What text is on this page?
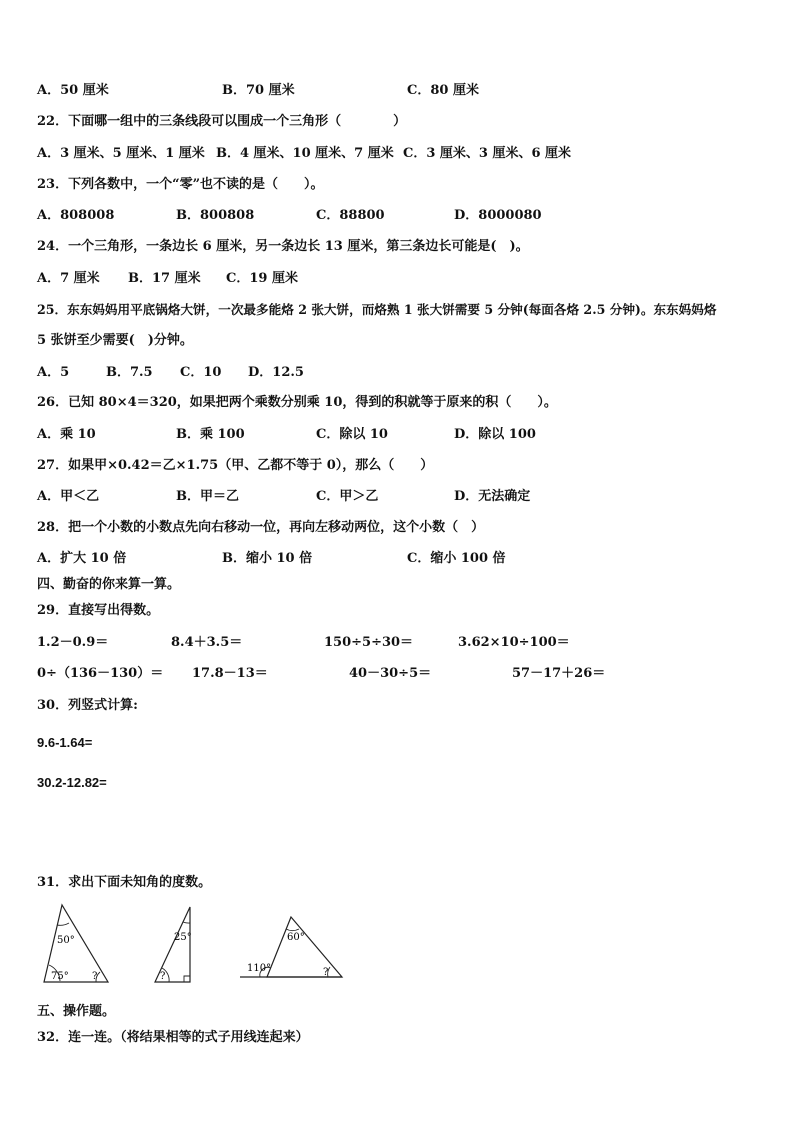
A．50 厘米	B．70 厘米	C．80 厘米
22．下面哪一组中的三条线段可以围成一个三角形（　　　　）
A．3 厘米、5 厘米、1 厘米 B．4 厘米、10 厘米、7 厘米 C．3 厘米、3 厘米、6 厘米
23．下列各数中，一个“零”也不读的是（　　）。
A．808008	B．800808	C．88800	D．8000080
24．一个三角形，一条边长 6 厘米，另一条边长 13 厘米，第三条边长可能是(　)。
A．7 厘米 B．17 厘米 C．19 厘米
25．东东妈妈用平底锅烙大饼，一次最多能烙 2 张大饼，而烙熟 1 张大饼需要 5 分钟(每面各烙 2.5 分钟)。东东妈妈烙
5 张饼至少需要(　)分钟。
A．5	B．7.5 C．10 D．12.5
26．已知 80×4＝320，如果把两个乘数分别乘 10，得到的积就等于原来的积（　　）。
A．乘 10	B．乘 100	C．除以 10	D．除以 100
27．如果甲×0.42＝乙×1.75（甲、乙都不等于 0），那么（　　）
A．甲＜乙	B．甲＝乙	C．甲＞乙	D．无法确定
28．把一个小数的小数点先向右移动一位，再向左移动两位，这个小数（　）
A．扩大 10 倍	B．缩小 10 倍	C．缩小 100 倍
四、勤奋的你来算一算。
29．直接写出得数。
1.2－0.9＝	8.4＋3.5＝	150÷5÷30＝	3.62×10÷100＝
0÷（136－130）＝ 17.8－13＝	40－30÷5＝	57－17＋26＝
30．列竖式计算:
9.6-1.64=
30.2-12.82=
31．求出下面未知角的度数。
50°
75° ?
25°
?
60°
110°	?
五、操作题。
32．连一连。（将结果相等的式子用线连起来）
